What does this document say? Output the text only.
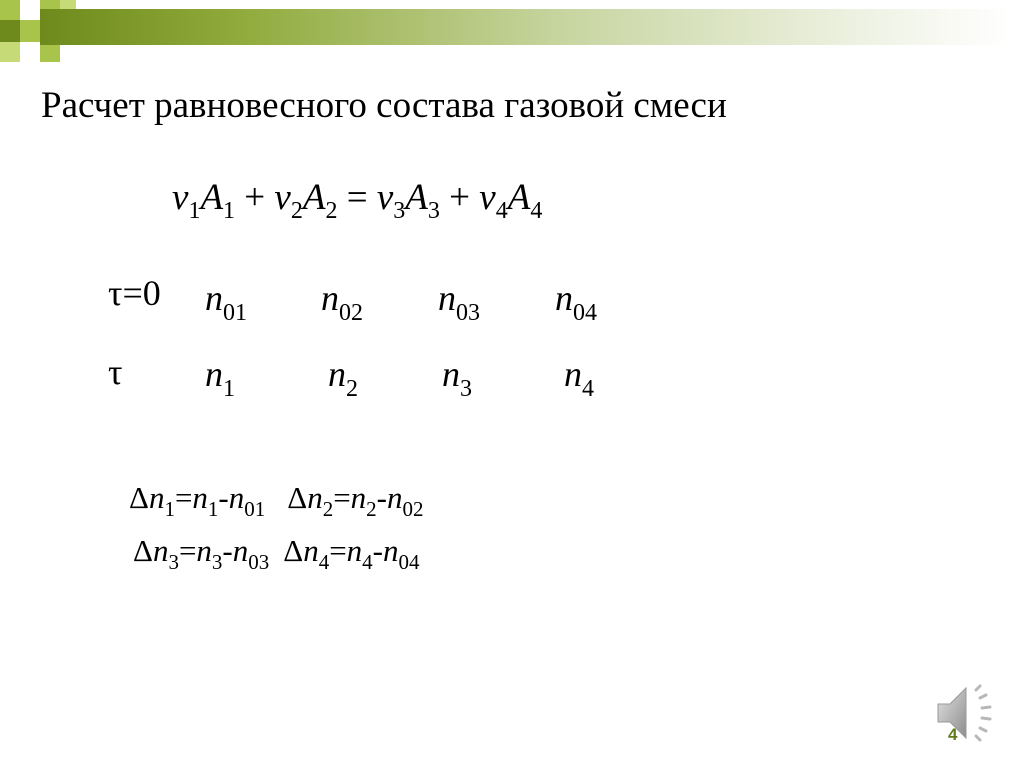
Расчет равновесного состава газовой смеси
$\nu_1A_1 + \nu_2A_2 = \nu_3A_3 + \nu_4A_4$
τ=0 $n_{01}$ $n_{02}$ $n_{03}$ $n_{04}$
τ $n_1$	$n_2$ $n_3$	$n_4$
$\Delta n_1=n_1-n_{01}$ $\Delta n_2=n_2-n_{02}$
$\Delta n_3=n_3-n_{03}$ $\Delta n_4=n_4-n_{04}$
4
